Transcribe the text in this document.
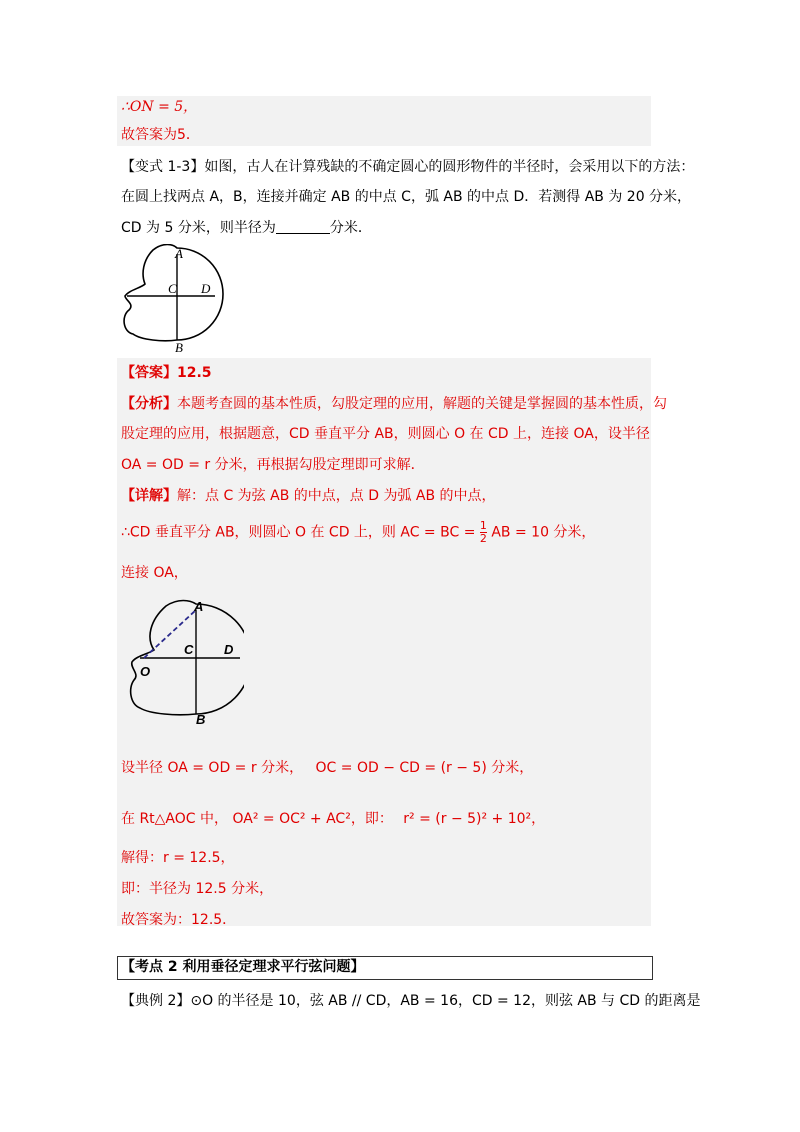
∴ON = 5，
故答案为5．
【变式 1-3】如图，古人在计算残缺的不确定圆心的圆形物件的半径时，会采用以下的方法：
在圆上找两点 A，B，连接并确定 AB 的中点 C，弧 AB 的中点 D．若测得 AB 为 20 分米，
CD 为 5 分米，则半径为	分米．
A
C D
B
【答案】12.5
【分析】本题考查圆的基本性质，勾股定理的应用，解题的关键是掌握圆的基本性质，勾
股定理的应用，根据题意，CD 垂直平分 AB，则圆心 O 在 CD 上，连接 OA，设半径
OA = OD = r 分米，再根据勾股定理即可求解．
【详解】解：点 C 为弦 AB 的中点，点 D 为弧 AB 的中点，
∴CD 垂直平分 AB，则圆心 O 在 CD 上，则 AC = BC = $\frac{1}{2}$ AB = 10 分米，
连接 OA，
A
C D
O
B
设半径 OA = OD = r 分米， OC = OD − CD = (r − 5) 分米，
在 Rt△AOC 中， OA² = OC² + AC²，即： r² = (r − 5)² + 10²，
解得：r = 12.5，
即：半径为 12.5 分米，
故答案为：12.5．
【考点 2 利用垂径定理求平行弦问题】
【典例 2】⊙O 的半径是 10，弦 AB // CD，AB = 16，CD = 12，则弦 AB 与 CD 的距离是
